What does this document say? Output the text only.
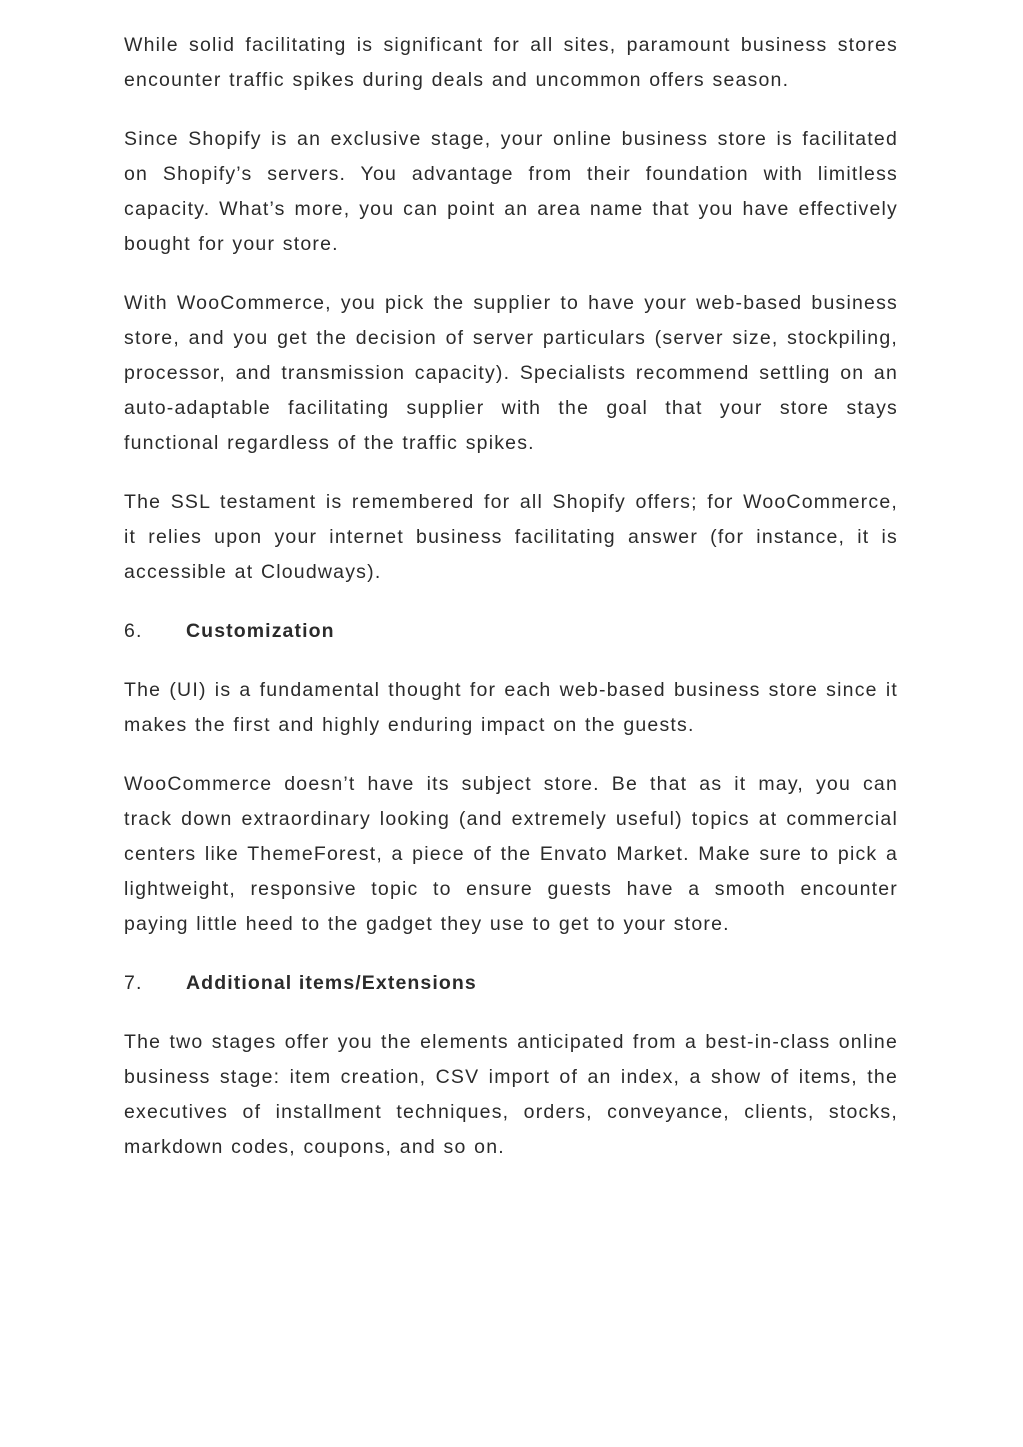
While solid facilitating is significant for all sites, paramount business stores encounter traffic spikes during deals and uncommon offers season.

Since Shopify is an exclusive stage, your online business store is facilitated on Shopify’s servers. You advantage from their foundation with limitless capacity. What’s more, you can point an area name that you have effectively bought for your store.

With WooCommerce, you pick the supplier to have your web-based business store, and you get the decision of server particulars (server size, stockpiling, processor, and transmission capacity). Specialists recommend settling on an auto-adaptable facilitating supplier with the goal that your store stays functional regardless of the traffic spikes.

The SSL testament is remembered for all Shopify offers; for WooCommerce, it relies upon your internet business facilitating answer (for instance, it is accessible at Cloudways).

6.	Customization

The (UI) is a fundamental thought for each web-based business store since it makes the first and highly enduring impact on the guests.

WooCommerce doesn’t have its subject store. Be that as it may, you can track down extraordinary looking (and extremely useful) topics at commercial centers like ThemeForest, a piece of the Envato Market. Make sure to pick a lightweight, responsive topic to ensure guests have a smooth encounter paying little heed to the gadget they use to get to your store.

7.	Additional items/Extensions

The two stages offer you the elements anticipated from a best-in-class online business stage: item creation, CSV import of an index, a show of items, the executives of installment techniques, orders, conveyance, clients, stocks, markdown codes, coupons, and so on.
